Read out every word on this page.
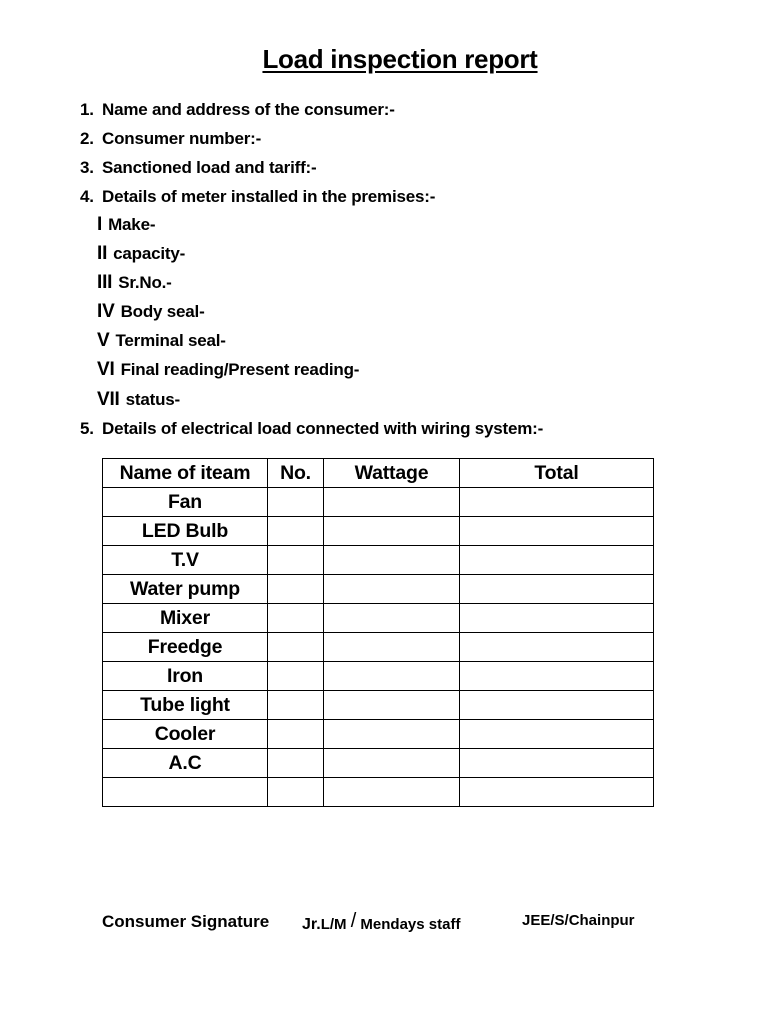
Load inspection report
1. Name and address of the consumer:-
2. Consumer number:-
3. Sanctioned load and tariff:-
4. Details of meter installed in the premises:-
I Make-
II capacity-
III Sr.No.-
IV Body seal-
V Terminal seal-
VI Final reading/Present reading-
VII status-
5. Details of electrical load connected with wiring system:-
Name of iteam	No.	Wattage	Total
Fan			
LED Bulb			
T.V			
Water pump			
Mixer			
Freedge			
Iron			
Tube light			
Cooler			
A.C			

Consumer Signature Jr.L/M / Mendays staff	JEE/S/Chainpur
